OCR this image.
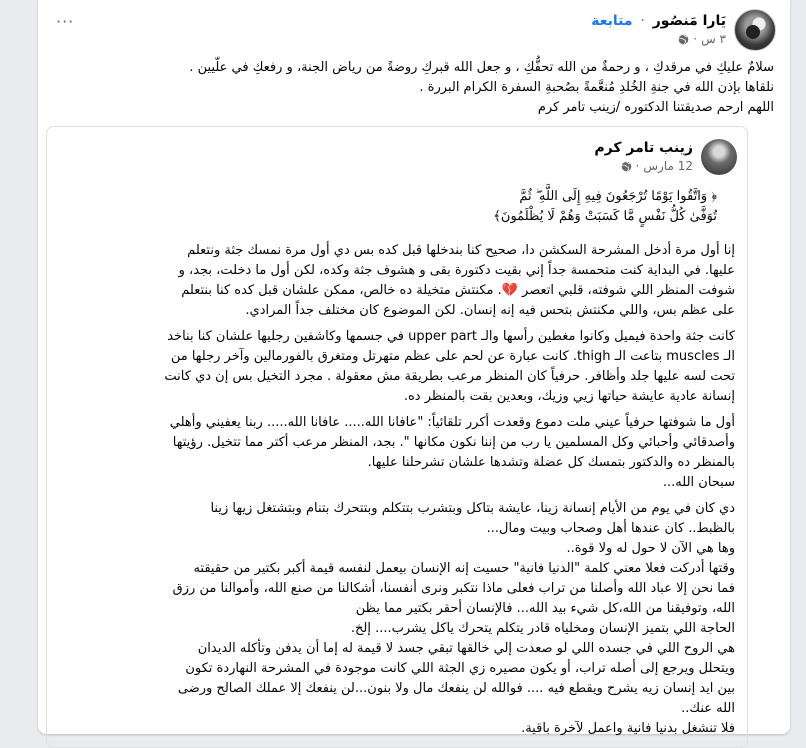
···	يَارا مَنصُور · متابعة
٣ س
·
سلامٌ عليكِ في مرقدكِ ، و رحمةٌ من الله تحفُّكِ ، و جعل الله قبركِ روضةً من رياض الجنة، و رفعكِ في علّيين .
نلقاها بإذن الله في جنةِ الخُلدِ مُنعَّمةً بصُحبةِ السفرة الكرام البررة .
اللهم ارحم صديقتنا الدكتوره /زينب تامر كرم
زينب تامر كرم
12 مارس
·
﴿ وَاتَّقُوا يَوْمًا تُرْجَعُونَ فِيهِ إِلَى اللَّهِ ۖ ثُمَّ
تُوَفَّىٰ كُلُّ نَفْسٍ مَّا كَسَبَتْ وَهُمْ لَا يُظْلَمُونَ﴾
إنا أول مرة أدخل المشرحة السكشن دا، صحيح كنا بندخلها قبل كده بس دي أول مرة نمسك جثة ونتعلم
عليها. في البداية كنت متحمسة جداً إني بقيت دكتورة بقى و هشوف جثة وكده، لكن أول ما دخلت، بجد، و
شوفت المنظر اللي شوفته، قلبي اتعصر 💔. مكنتش متخيلة ده خالص، ممكن علشان قبل كده كنا بنتعلم
على عظم بس، واللي مكنتش بتحس فيه إنه إنسان. لكن الموضوع كان مختلف جداً المرادي.
كانت جثة واحدة فيميل وكانوا مغطين رأسها والـ upper part في جسمها وكاشفين رجليها علشان كنا بناخد
الـ muscles بتاعت الـ thigh. كانت عبارة عن لحم على عظم متهرتل ومتغرق بالفورمالين وآخر رجلها من
تحت لسه عليها جلد وأظافر. حرفياً كان المنظر مرعب بطريقة مش معقولة . مجرد التخيل بس إن دي كانت
إنسانة عادية عايشة حياتها زيي وزيك، وبعدين بقت بالمنظر ده.
أول ما شوفتها حرفياً عيني ملت دموع وقعدت أكرر تلقائياً: "عافانا الله..... عافانا الله..... ربنا يعفيني وأهلي
وأصدقائي وأحبائي وكل المسلمين يا رب من إننا نكون مكانها ". بجد، المنظر مرعب أكتر مما تتخيل. رؤيتها
بالمنظر ده والدكتور بتمسك كل عضلة وتشدها علشان تشرحلنا عليها.
سبحان الله...
دي كان في يوم من الأيام إنسانة زينا، عايشة بتاكل وبتشرب بتتكلم وبتتحرك بتنام وبتشتغل زيها زينا
بالظبط.. كان عندها أهل وصحاب وبيت ومال...
وها هي الآن لا حول له ولا قوة..
وقتها أدركت فعلا معني كلمة "الدنيا فانية" حسيت إنه الإنسان بيعمل لنفسه قيمة أكبر بكتير من حقيقته
فما نحن إلا عباد الله وأصلنا من تراب فعلى ماذا نتكبر ونرى أنفسنا، أشكالنا من صنع الله، وأموالنا من رزق
الله، وتوفيقنا من الله،كل شيء بيد الله... فالإنسان أحقر بكتير مما يظن
الحاجة اللي بتميز الإنسان ومخلياه قادر يتكلم يتحرك ياكل يشرب.... إلخ.
هي الروح اللي في جسده اللي لو صعدت إلي خالقها تبقي جسد لا قيمة له إما أن يدفن وتأكله الديدان
ويتحلل ويرجع إلى أصله تراب، أو يكون مصيره زي الجثة اللي كانت موجودة في المشرحة النهاردة تكون
بين ايد إنسان زيه يشرح ويقطع فيه .... فوالله لن ينفعك مال ولا بنون...لن ينفعك إلا عملك الصالح ورضى
الله عنك..
فلا تنشغل بدنيا فانية واعمل لآخرة باقية.
